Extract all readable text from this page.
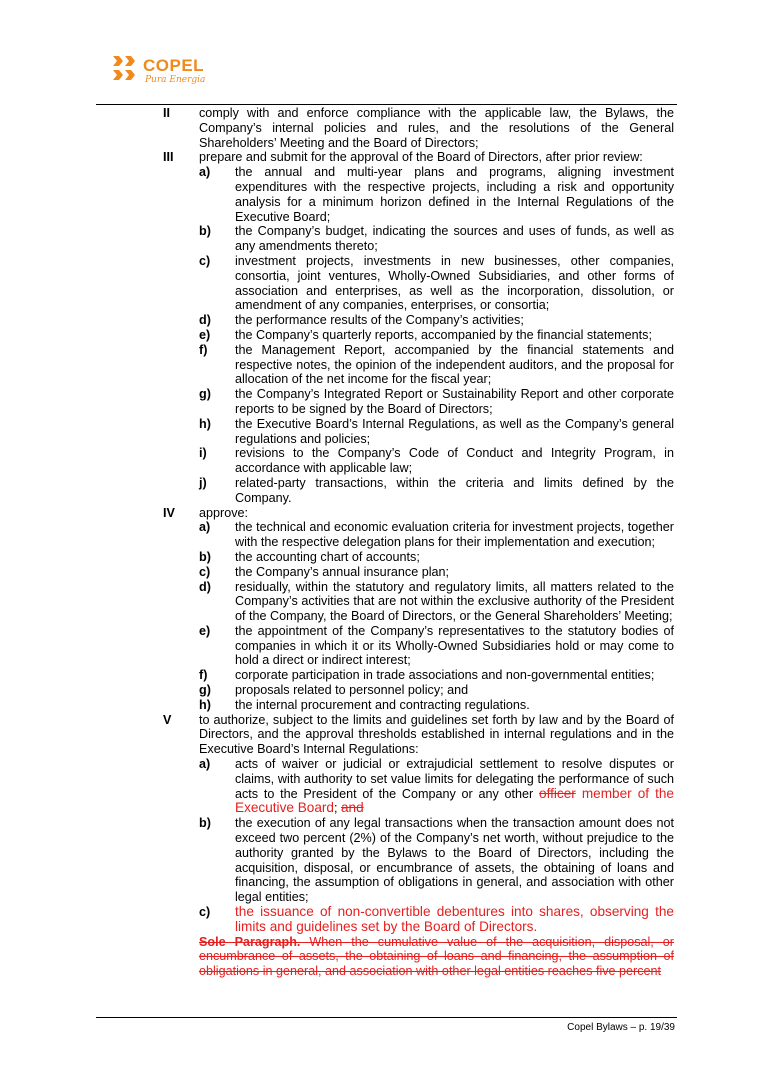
COPEL
Pura Energia
II comply with and enforce compliance with the applicable law, the Bylaws, the Company’s internal policies and rules, and the resolutions of the General Shareholders’ Meeting and the Board of Directors;
III prepare and submit for the approval of the Board of Directors, after prior review:
a) the annual and multi-year plans and programs, aligning investment expenditures with the respective projects, including a risk and opportunity analysis for a minimum horizon defined in the Internal Regulations of the Executive Board;
b) the Company’s budget, indicating the sources and uses of funds, as well as any amendments thereto;
c) investment projects, investments in new businesses, other companies, consortia, joint ventures, Wholly-Owned Subsidiaries, and other forms of association and enterprises, as well as the incorporation, dissolution, or amendment of any companies, enterprises, or consortia;
d) the performance results of the Company’s activities;
e) the Company’s quarterly reports, accompanied by the financial statements;
f) the Management Report, accompanied by the financial statements and respective notes, the opinion of the independent auditors, and the proposal for allocation of the net income for the fiscal year;
g) the Company’s Integrated Report or Sustainability Report and other corporate reports to be signed by the Board of Directors;
h) the Executive Board’s Internal Regulations, as well as the Company’s general regulations and policies;
i) revisions to the Company’s Code of Conduct and Integrity Program, in accordance with applicable law;
j) related-party transactions, within the criteria and limits defined by the Company.
IV approve:
a) the technical and economic evaluation criteria for investment projects, together with the respective delegation plans for their implementation and execution;
b) the accounting chart of accounts;
c) the Company’s annual insurance plan;
d) residually, within the statutory and regulatory limits, all matters related to the Company’s activities that are not within the exclusive authority of the President of the Company, the Board of Directors, or the General Shareholders’ Meeting;
e) the appointment of the Company’s representatives to the statutory bodies of companies in which it or its Wholly-Owned Subsidiaries hold or may come to hold a direct or indirect interest;
f) corporate participation in trade associations and non-governmental entities;
g) proposals related to personnel policy; and
h) the internal procurement and contracting regulations.
V to authorize, subject to the limits and guidelines set forth by law and by the Board of Directors, and the approval thresholds established in internal regulations and in the Executive Board’s Internal Regulations:
a) acts of waiver or judicial or extrajudicial settlement to resolve disputes or claims, with authority to set value limits for delegating the performance of such acts to the President of the Company or any other officer member of the Executive Board; and
b) the execution of any legal transactions when the transaction amount does not exceed two percent (2%) of the Company’s net worth, without prejudice to the authority granted by the Bylaws to the Board of Directors, including the acquisition, disposal, or encumbrance of assets, the obtaining of loans and financing, the assumption of obligations in general, and association with other legal entities;
c) the issuance of non-convertible debentures into shares, observing the limits and guidelines set by the Board of Directors.
Sole Paragraph. When the cumulative value of the acquisition, disposal, or encumbrance of assets, the obtaining of loans and financing, the assumption of obligations in general, and association with other legal entities reaches five percent
Copel Bylaws – p. 19/39
